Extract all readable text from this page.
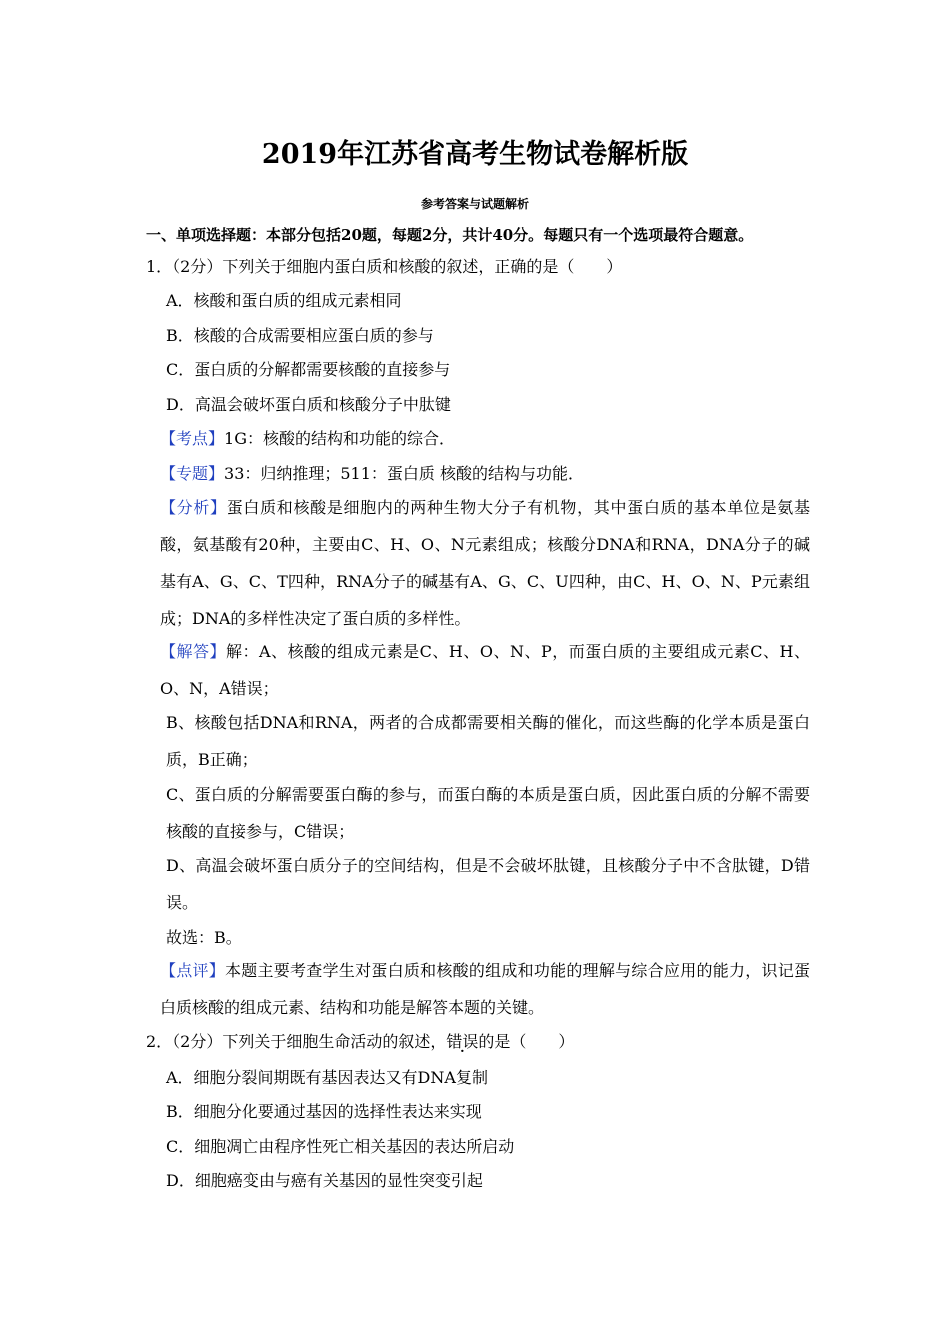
2019年江苏省高考生物试卷解析版
参考答案与试题解析
一、单项选择题：本部分包括20题，每题2分，共计40分。每题只有一个选项最符合题意。
1．（2分）下列关于细胞内蛋白质和核酸的叙述，正确的是（　　）
A．核酸和蛋白质的组成元素相同
B．核酸的合成需要相应蛋白质的参与
C．蛋白质的分解都需要核酸的直接参与
D．高温会破坏蛋白质和核酸分子中肽键
【考点】1G：核酸的结构和功能的综合．
【专题】33：归纳推理；511：蛋白质 核酸的结构与功能．
【分析】蛋白质和核酸是细胞内的两种生物大分子有机物，其中蛋白质的基本单位是氨基酸，氨基酸有20种，主要由C、H、O、N元素组成；核酸分DNA和RNA，DNA分子的碱基有A、G、C、T四种，RNA分子的碱基有A、G、C、U四种，由C、H、O、N、P元素组成；DNA的多样性决定了蛋白质的多样性。
【解答】解：A、核酸的组成元素是C、H、O、N、P，而蛋白质的主要组成元素C、H、O、N，A错误；
B、核酸包括DNA和RNA，两者的合成都需要相关酶的催化，而这些酶的化学本质是蛋白质，B正确；
C、蛋白质的分解需要蛋白酶的参与，而蛋白酶的本质是蛋白质，因此蛋白质的分解不需要核酸的直接参与，C错误；
D、高温会破坏蛋白质分子的空间结构，但是不会破坏肽键，且核酸分子中不含肽键，D错误。
故选：B。
【点评】本题主要考查学生对蛋白质和核酸的组成和功能的理解与综合应用的能力，识记蛋白质核酸的组成元素、结构和功能是解答本题的关键。
2．（2分）下列关于细胞生命活动的叙述，错误的是（　　）
A．细胞分裂间期既有基因表达又有DNA复制
B．细胞分化要通过基因的选择性表达来实现
C．细胞凋亡由程序性死亡相关基因的表达所启动
D．细胞癌变由与癌有关基因的显性突变引起
